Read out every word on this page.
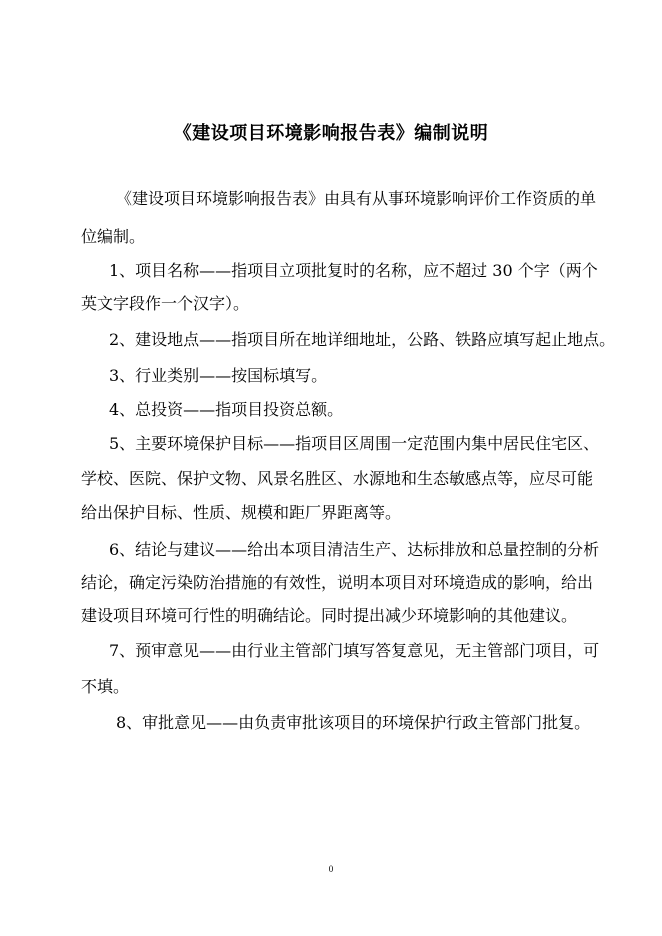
《建设项目环境影响报告表》编制说明
《建设项目环境影响报告表》由具有从事环境影响评价工作资质的单
位编制。
1、项目名称——指项目立项批复时的名称，应不超过 30 个字（两个
英文字段作一个汉字）。
2、建设地点——指项目所在地详细地址，公路、铁路应填写起止地点。
3、行业类别——按国标填写。
4、总投资——指项目投资总额。
5、主要环境保护目标——指项目区周围一定范围内集中居民住宅区、
学校、医院、保护文物、风景名胜区、水源地和生态敏感点等，应尽可能
给出保护目标、性质、规模和距厂界距离等。
6、结论与建议——给出本项目清洁生产、达标排放和总量控制的分析
结论，确定污染防治措施的有效性，说明本项目对环境造成的影响，给出
建设项目环境可行性的明确结论。同时提出减少环境影响的其他建议。
7、预审意见——由行业主管部门填写答复意见，无主管部门项目，可
不填。
8、审批意见——由负责审批该项目的环境保护行政主管部门批复。
0
